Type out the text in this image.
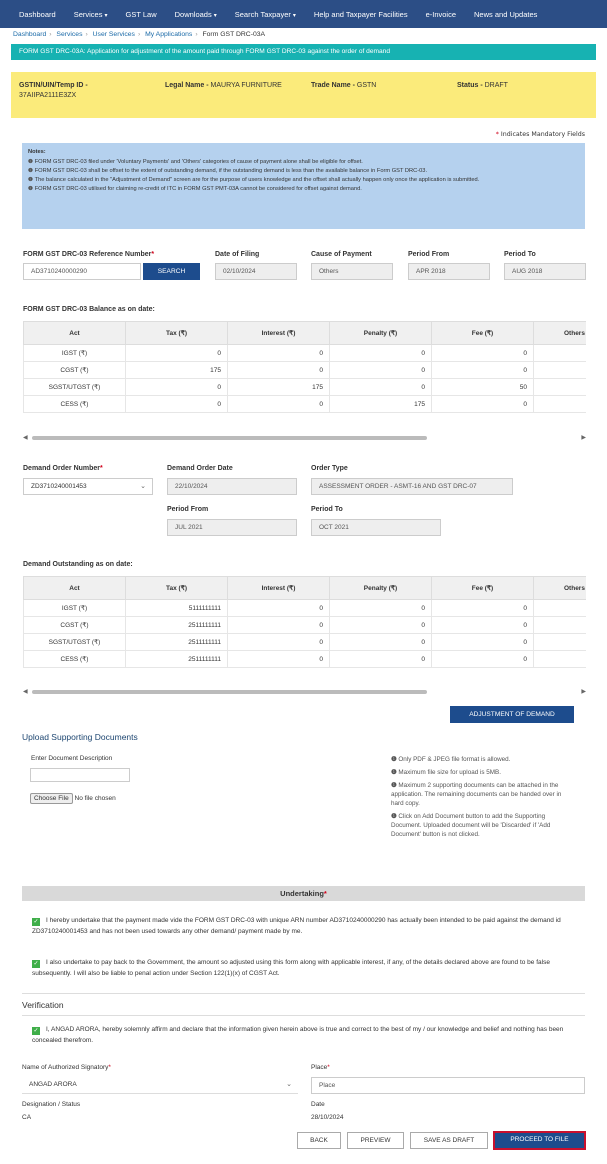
Dashboard	Services ▾	GST Law	Downloads ▾	Search Taxpayer ▾	Help and Taxpayer Facilities	e-Invoice	News and Updates
Dashboard › Services › User Services › My Applications › Form GST DRC-03A
FORM GST DRC-03A: Application for adjustment of the amount paid through FORM GST DRC-03 against the order of demand
GSTIN/UIN/Temp ID -
37AIIPA2111E3ZX
Legal Name - MAURYA FURNITURE	Trade Name - GSTN	Status - DRAFT
* Indicates Mandatory Fields
Notes:
❶ FORM GST DRC-03 filed under 'Voluntary Payments' and 'Others' categories of cause of payment alone shall be eligible for offset.
❶ FORM GST DRC-03 shall be offset to the extent of outstanding demand, if the outstanding demand is less than the available balance in Form GST DRC-03.
❶ The balance calculated in the "Adjustment of Demand" screen are for the purpose of users knowledge and the offset shall actually happen only once the application is submitted.
❶ FORM GST DRC-03 utilised for claiming re-credit of ITC in FORM GST PMT-03A cannot be considered for offset against demand.
FORM GST DRC-03 Reference Number*
AD3710240000290	SEARCH
Date of Filing
02/10/2024
Cause of Payment
Others
Period From
APR 2018
Period To
AUG 2018
FORM GST DRC-03 Balance as on date:
Act	Tax (₹)	Interest (₹)	Penalty (₹)	Fee (₹)	Others
IGST (₹)	0	0	0	0	
CGST (₹)	175	0	0	0	
SGST/UTGST (₹)	0	175	0	50	
CESS (₹)	0	0	175	0	
◀	▶
Demand Order Number*
ZD3710240001453	⌄
Demand Order Date
22/10/2024
Order Type
ASSESSMENT ORDER - ASMT-16 AND GST DRC-07
Period From
JUL 2021
Period To
OCT 2021
Demand Outstanding as on date:
Act	Tax (₹)	Interest (₹)	Penalty (₹)	Fee (₹)	Others
IGST (₹)	5111111111	0	0	0	
CGST (₹)	2511111111	0	0	0	
SGST/UTGST (₹)	2511111111	0	0	0	
CESS (₹)	2511111111	0	0	0	
◀	▶
ADJUSTMENT OF DEMAND
Upload Supporting Documents
Enter Document Description
Choose File No file chosen
❶ Only PDF & JPEG file format is allowed.
❶ Maximum file size for upload is 5MB.
❶ Maximum 2 supporting documents can be attached in the application. The remaining documents can be handed over in hard copy.
❶ Click on Add Document button to add the Supporting Document. Uploaded document will be 'Discarded' if 'Add Document' button is not clicked.
Undertaking*
✓ I hereby undertake that the payment made vide the FORM GST DRC-03 with unique ARN number AD3710240000290 has actually been intended to be paid against the demand id ZD3710240001453 and has not been used towards any other demand/ payment made by me.
✓ I also undertake to pay back to the Government, the amount so adjusted using this form along with applicable interest, if any, of the details declared above are found to be false subsequently. I will also be liable to penal action under Section 122(1)(x) of CGST Act.
Verification
✓ I, ANGAD ARORA, hereby solemnly affirm and declare that the information given herein above is true and correct to the best of my / our knowledge and belief and nothing has been concealed therefrom.
Name of Authorized Signatory*
ANGAD ARORA	⌄
Place*
Place
Designation / Status
CA
Date
28/10/2024
BACK	PREVIEW	SAVE AS DRAFT	PROCEED TO FILE
